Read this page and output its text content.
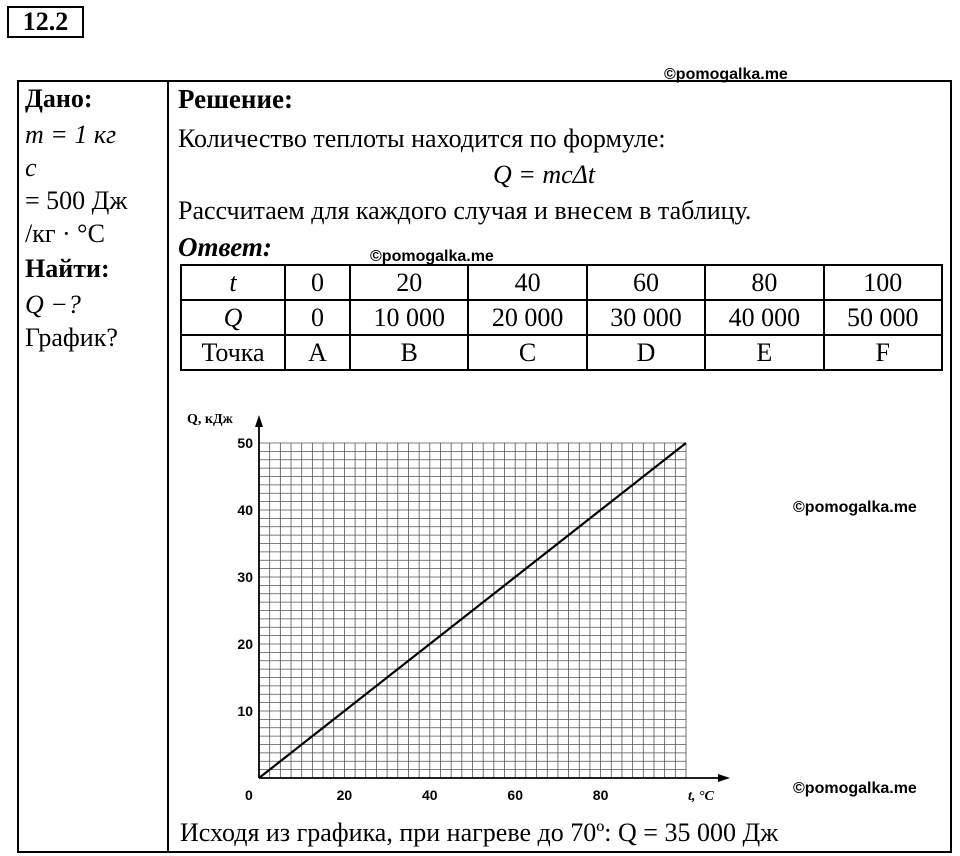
12.2
©pomogalka.me
©pomogalka.me
©pomogalka.me
©pomogalka.me
Дано:
m = 1 кг
c
= 500 Дж
/кг · °C
Найти:
Q −?
График?
Решение:
Количество теплоты находится по формуле:
Q = mcΔt
Рассчитаем для каждого случая и внесем в таблицу.
Ответ:
t	0	20	40	60	80	100
Q	0	10 000	20 000	30 000	40 000	50 000
Точка	A	B	C	D	E	F
20	40	60	80
10
20
30
40
50
Q, кДж
t, °C
0
Исходя из графика, при нагреве до 70º: Q = 35 000 Дж
